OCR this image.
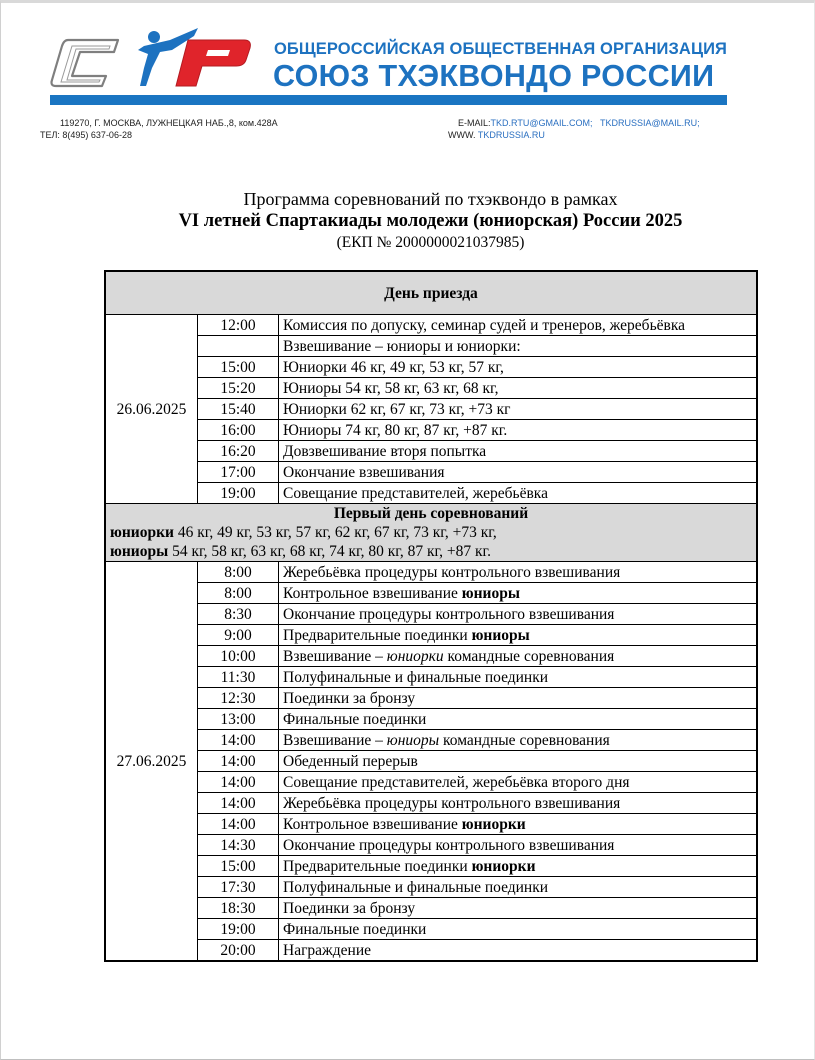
ОБЩЕРОССИЙСКАЯ ОБЩЕСТВЕННАЯ ОРГАНИЗАЦИЯ
СОЮЗ ТХЭКВОНДО РОССИИ
119270, Г. МОСКВА, ЛУЖНЕЦКАЯ НАБ.,8, ком.428А
ТЕЛ: 8(495) 637-06-28
E-MAIL:TKD.RTU@GMAIL.COM; TKDRUSSIA@MAIL.RU;
WWW. TKDRUSSIA.RU
Программа соревнований по тхэквондо в рамках
VI летней Спартакиады молодежи (юниорская) России 2025
(ЕКП № 2000000021037985)
День приезда		
26.06.2025	12:00	Комиссия по допуску, семинар судей и тренеров, жеребьёвка
		Взвешивание – юниоры и юниорки:
	15:00	Юниорки 46 кг, 49 кг, 53 кг, 57 кг,
	15:20	Юниоры 54 кг, 58 кг, 63 кг, 68 кг,
	15:40	Юниорки 62 кг, 67 кг, 73 кг, +73 кг
	16:00	Юниоры 74 кг, 80 кг, 87 кг, +87 кг.
	16:20	Довзвешивание вторя попытка
	17:00	Окончание взвешивания
	19:00	Совещание представителей, жеребьёвка

Первый день соревнований
юниорки 46 кг, 49 кг, 53 кг, 57 кг, 62 кг, 67 кг, 73 кг, +73 кг,
юниоры 54 кг, 58 кг, 63 кг, 68 кг, 74 кг, 80 кг, 87 кг, +87 кг.		

27.06.2025	8:00	Жеребьёвка процедуры контрольного взвешивания
	8:00	Контрольное взвешивание юниоры
	8:30	Окончание процедуры контрольного взвешивания
	9:00	Предварительные поединки юниоры
	10:00	Взвешивание – юниорки командные соревнования
	11:30	Полуфинальные и финальные поединки
	12:30	Поединки за бронзу
	13:00	Финальные поединки
	14:00	Взвешивание – юниоры командные соревнования
	14:00	Обеденный перерыв
	14:00	Совещание представителей, жеребьёвка второго дня
	14:00	Жеребьёвка процедуры контрольного взвешивания
	14:00	Контрольное взвешивание юниорки
	14:30	Окончание процедуры контрольного взвешивания
	15:00	Предварительные поединки юниорки
	17:30	Полуфинальные и финальные поединки
	18:30	Поединки за бронзу
	19:00	Финальные поединки
	20:00	Награждение
